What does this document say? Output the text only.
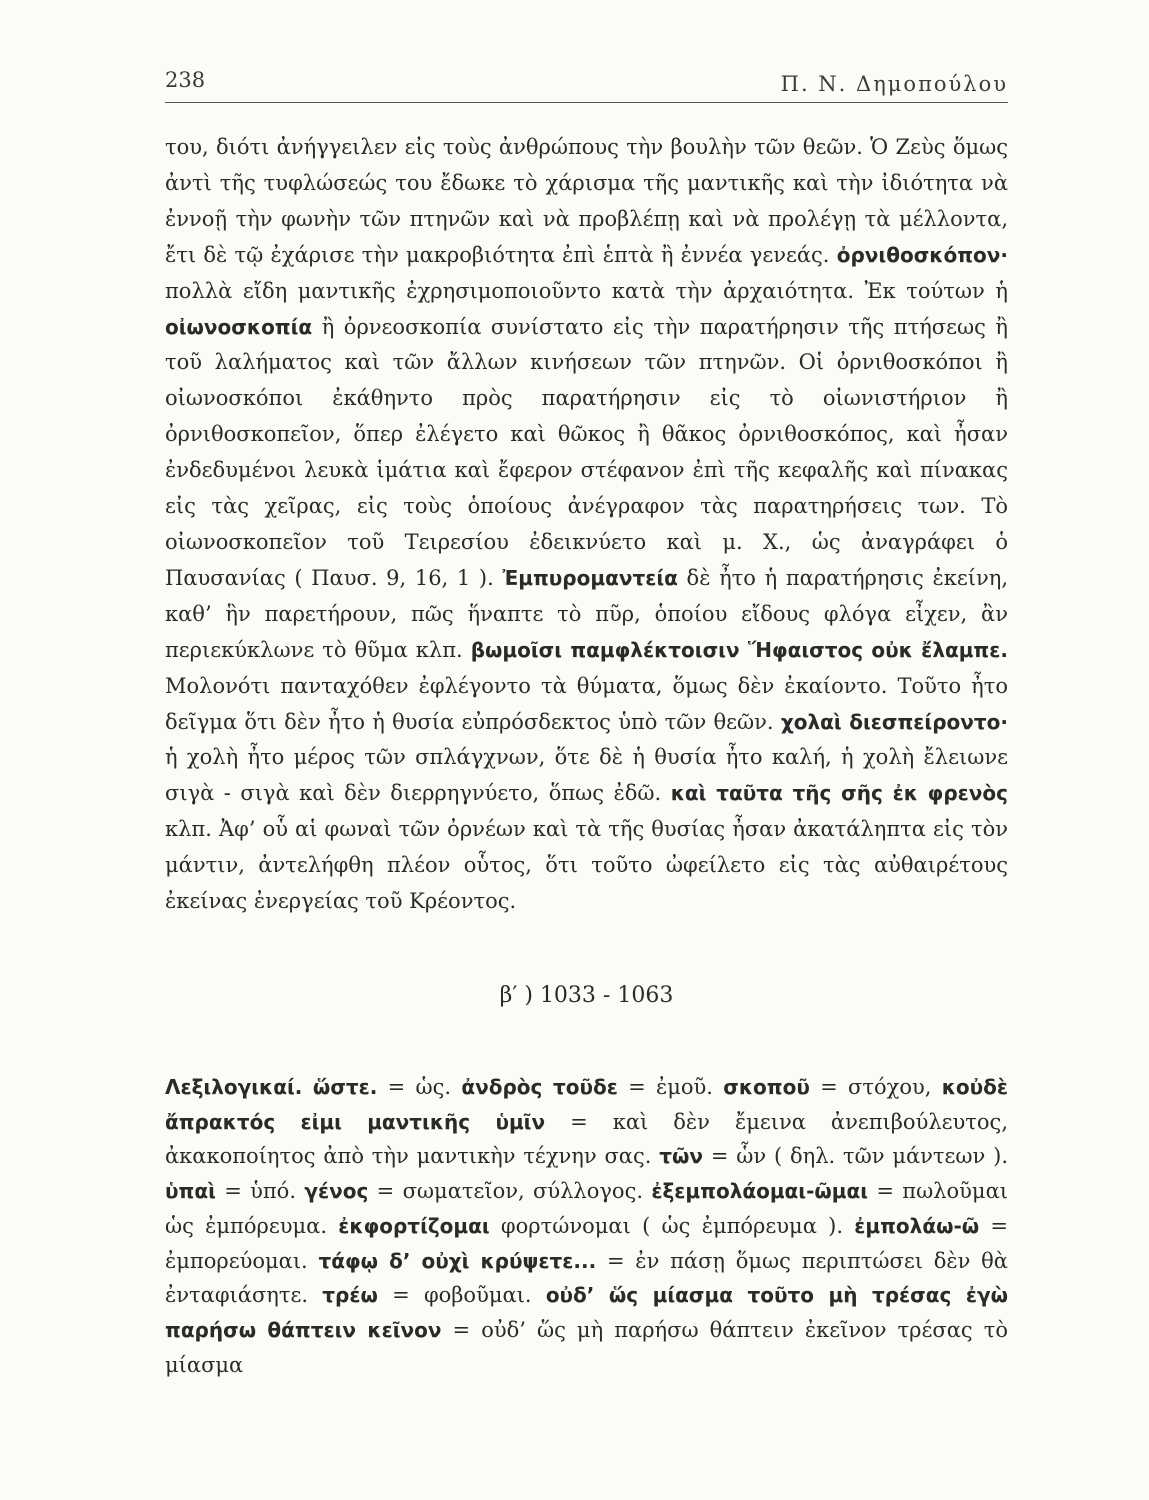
238	Π. Ν. Δημοπούλου

του, διότι ἀνήγγειλεν εἰς τοὺς ἀνθρώπους τὴν βουλὴν τῶν θεῶν. Ὁ Ζεὺς ὅμως ἀντὶ τῆς τυφλώσεώς του ἔδωκε τὸ χάρισμα τῆς μαντικῆς καὶ τὴν ἰδιότητα νὰ ἐννοῇ τὴν φωνὴν τῶν πτηνῶν καὶ νὰ προβλέπῃ καὶ νὰ προλέγῃ τὰ μέλλοντα, ἔτι δὲ τῷ ἐχάρισε τὴν μακροβιότητα ἐπὶ ἑπτὰ ἢ ἐννέα γενεάς. ὀρνιθοσκόπον· πολλὰ εἴδη μαντικῆς ἐχρησιμοποιοῦντο κατὰ τὴν ἀρχαιότητα. Ἐκ τούτων ἡ οἰωνοσκοπία ἢ ὀρνεοσκοπία συνίστατο εἰς τὴν παρατήρησιν τῆς πτήσεως ἢ τοῦ λαλήματος καὶ τῶν ἄλλων κινήσεων τῶν πτηνῶν. Οἱ ὀρνιθοσκόποι ἢ οἰωνοσκόποι ἐκάθηντο πρὸς παρατήρησιν εἰς τὸ οἰωνιστήριον ἢ ὀρνιθοσκοπεῖον, ὅπερ ἐλέγετο καὶ θῶκος ἢ θᾶκος ὀρνιθοσκόπος, καὶ ἦσαν ἐνδεδυμένοι λευκὰ ἱμάτια καὶ ἔφερον στέφανον ἐπὶ τῆς κεφαλῆς καὶ πίνακας εἰς τὰς χεῖρας, εἰς τοὺς ὁποίους ἀνέγραφον τὰς παρατηρήσεις των. Τὸ οἰωνοσκοπεῖον τοῦ Τειρεσίου ἐδεικνύετο καὶ μ. Χ., ὡς ἀναγράφει ὁ Παυσανίας ( Παυσ. 9, 16, 1 ). Ἐμπυρομαντεία δὲ ἦτο ἡ παρατήρησις ἐκείνη, καθ’ ἣν παρετήρουν, πῶς ἥναπτε τὸ πῦρ, ὁποίου εἴδους φλόγα εἶχεν, ἂν περιεκύκλωνε τὸ θῦμα κλπ. βωμοῖσι παμφλέκτοισιν Ἥφαιστος οὐκ ἔλαμπε. Μολονότι πανταχόθεν ἐφλέγοντο τὰ θύματα, ὅμως δὲν ἐκαίοντο. Τοῦτο ἦτο δεῖγμα ὅτι δὲν ἦτο ἡ θυσία εὐπρόσδεκτος ὑπὸ τῶν θεῶν. χολαὶ διεσπείροντο· ἡ χολὴ ἦτο μέρος τῶν σπλάγχνων, ὅτε δὲ ἡ θυσία ἦτο καλή, ἡ χολὴ ἔλειωνε σιγὰ - σιγὰ καὶ δὲν διερρηγνύετο, ὅπως ἐδῶ. καὶ ταῦτα τῆς σῆς ἐκ φρενὸς κλπ. Ἀφ’ οὗ αἱ φωναὶ τῶν ὀρνέων καὶ τὰ τῆς θυσίας ἦσαν ἀκατάληπτα εἰς τὸν μάντιν, ἀντελήφθη πλέον οὗτος, ὅτι τοῦτο ὠφείλετο εἰς τὰς αὐθαιρέτους ἐκείνας ἐνεργείας τοῦ Κρέοντος.

β′ ) 1033 - 1063

Λεξιλογικαί. ὥστε. = ὡς. ἀνδρὸς τοῦδε = ἐμοῦ. σκοποῦ = στόχου, κοὐδὲ ἄπρακτός εἰμι μαντικῆς ὑμῖν = καὶ δὲν ἔμεινα ἀνεπιβούλευτος, ἀκακοποίητος ἀπὸ τὴν μαντικὴν τέχνην σας. τῶν = ὧν ( δηλ. τῶν μάντεων ). ὑπαὶ = ὑπό. γένος = σωματεῖον, σύλλογος. ἐξεμπολάομαι-ῶμαι = πωλοῦμαι ὡς ἐμπόρευμα. ἐκφορτίζομαι φορτώνομαι ( ὡς ἐμπόρευμα ). ἐμπολάω-ῶ = ἐμπορεύομαι. τάφῳ δ’ οὐχὶ κρύψετε... = ἐν πάσῃ ὅμως περιπτώσει δὲν θὰ ἐνταφιάσητε. τρέω = φοβοῦμαι. οὐδ’ ὥς μίασμα τοῦτο μὴ τρέσας ἐγὼ παρήσω θάπτειν κεῖνον = οὐδ’ ὥς μὴ παρήσω θάπτειν ἐκεῖνον τρέσας τὸ μίασμα
